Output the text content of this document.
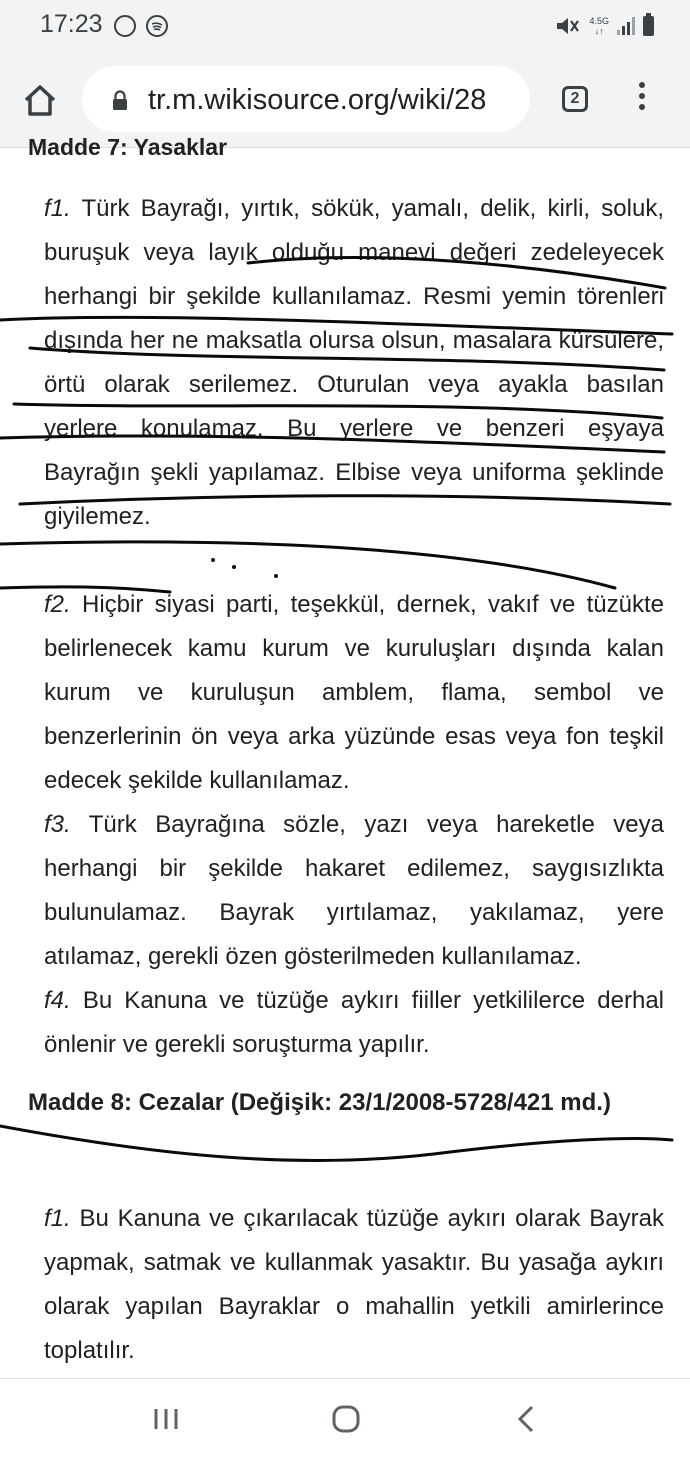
17:23	4.5G
↓↑
tr.m.wikisource.org/wiki/28	2
Madde 7: Yasaklar

f1. Türk Bayrağı, yırtık, sökük, yamalı, delik, kirli, soluk, buruşuk veya layık olduğu manevi değeri zedeleyecek herhangi bir şekilde kullanılamaz. Resmi yemin törenleri dışında her ne maksatla olursa olsun, masalara kürsülere, örtü olarak serilemez. Oturulan veya ayakla basılan yerlere konulamaz. Bu yerlere ve benzeri eşyaya Bayrağın şekli yapılamaz. Elbise veya uniforma şeklinde giyilemez.

f2. Hiçbir siyasi parti, teşekkül, dernek, vakıf ve tüzükte belirlenecek kamu kurum ve kuruluşları dışında kalan kurum ve kuruluşun amblem, flama, sembol ve benzerlerinin ön veya arka yüzünde esas veya fon teşkil edecek şekilde kullanılamaz.

f3. Türk Bayrağına sözle, yazı veya hareketle veya herhangi bir şekilde hakaret edilemez, saygısızlıkta bulunulamaz. Bayrak yırtılamaz, yakılamaz, yere atılamaz, gerekli özen gösterilmeden kullanılamaz.

f4. Bu Kanuna ve tüzüğe aykırı fiiller yetkililerce derhal önlenir ve gerekli soruşturma yapılır.

Madde 8: Cezalar (Değişik: 23/1/2008-5728/421 md.)

f1. Bu Kanuna ve çıkarılacak tüzüğe aykırı olarak Bayrak yapmak, satmak ve kullanmak yasaktır. Bu yasağa aykırı olarak yapılan Bayraklar o mahallin yetkili amirlerince toplatılır.
